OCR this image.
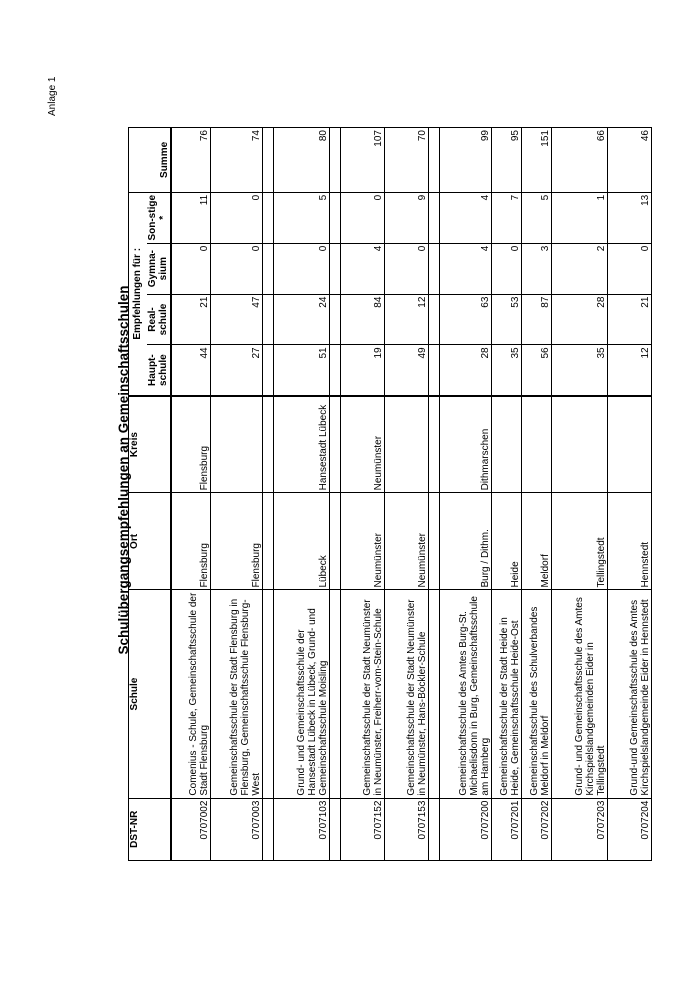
Anlage 1
Schulübergangsempfehlungen an Gemeinschaftsschulen
DST-NR	Schule	Ort	Kreis	Empfehlungen für :				Summe
				Haupt-schule	Real-schule	Gymna-sium	Son-stige *	
0707002	Comenius - Schule, Gemeinschaftsschule der Stadt Flensburg	Flensburg	Flensburg	44	21	0	11	76
0707003	Gemeinschaftsschule der Stadt Flensburg in Flensburg, Gemeinschaftsschule Flensburg-West	Flensburg		27	47	0	0	74

0707103	Grund- und Gemeinschaftsschule der Hansestadt Lübeck in Lübeck, Grund- und Gemeinschaftsschule Moisling	Lübeck	Hansestadt Lübeck	51	24	0	5	80

0707152	Gemeinschaftsschule der Stadt Neumünster in Neumünster, Freiherr-vom-Stein-Schule	Neumünster	Neumünster	19	84	4	0	107
0707153	Gemeinschaftsschule der Stadt Neumünster in Neumünster, Hans-Böckler-Schule	Neumünster		49	12	0	9	70

0707200	Gemeinschaftsschule des Amtes Burg-St. Michaelisdonn in Burg, Gemeinschaftsschule am Hamberg	Burg / Dithm.	Dithmarschen	28	63	4	4	99
0707201	Gemeinschaftsschule der Stadt Heide in Heide, Gemeinschaftsschule Heide-Ost	Heide		35	53	0	7	95
0707202	Gemeinschaftsschule des Schulverbandes Meldorf in Meldorf	Meldorf		56	87	3	5	151
0707203	Grund- und Gemeinschaftsschule des Amtes Kirchspielslandgemeinden Eider in Tellingstedt	Tellingstedt		35	28	2	1	66
0707204	Grund-und Gemeinschaftsschule des Amtes Kirchspielslandgemeinde Eider in Hennstedt	Hennstedt		12	21	0	13	46
